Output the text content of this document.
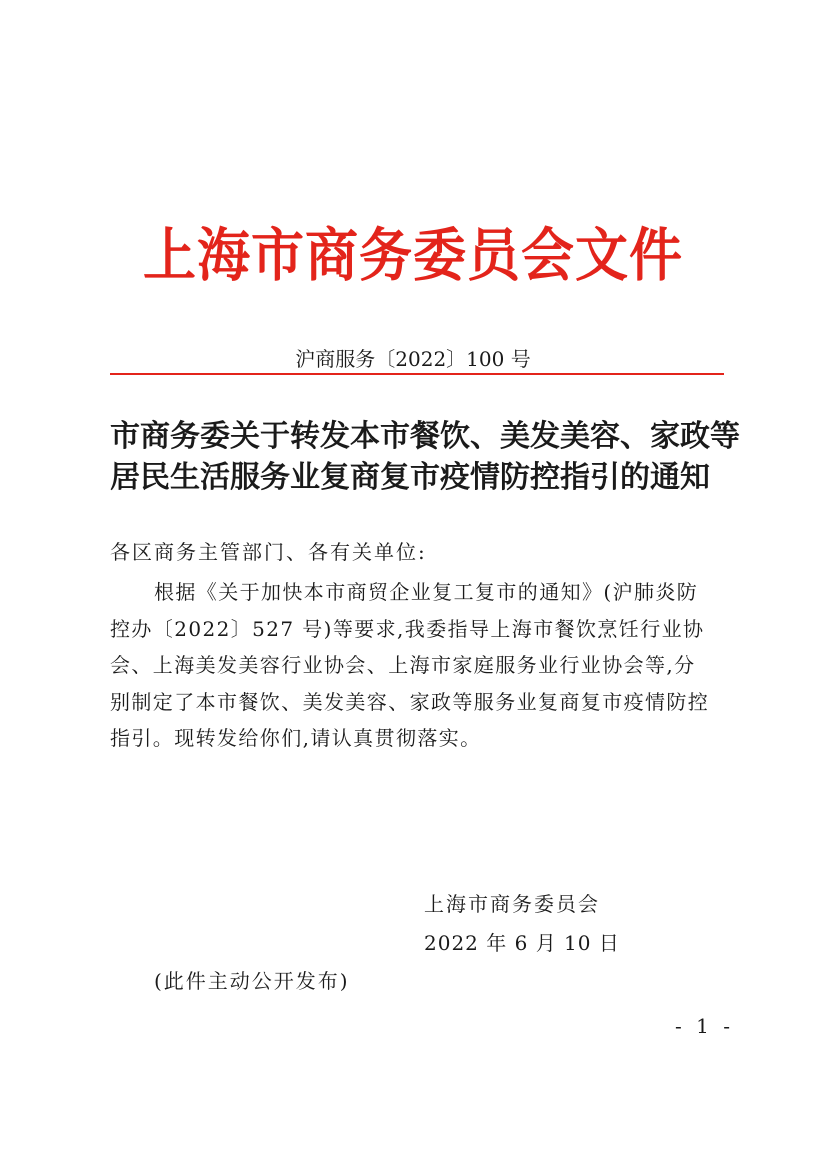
上海市商务委员会文件
沪商服务〔2022〕100 号
市商务委关于转发本市餐饮、美发美容、家政等
居民生活服务业复商复市疫情防控指引的通知
各区商务主管部门、各有关单位:
根据《关于加快本市商贸企业复工复市的通知》(沪肺炎防
控办〔2022〕527 号)等要求,我委指导上海市餐饮烹饪行业协
会、上海美发美容行业协会、上海市家庭服务业行业协会等,分
别制定了本市餐饮、美发美容、家政等服务业复商复市疫情防控
指引。现转发给你们,请认真贯彻落实。
上海市商务委员会
2022 年 6 月 10 日
(此件主动公开发布)
- 1 -
